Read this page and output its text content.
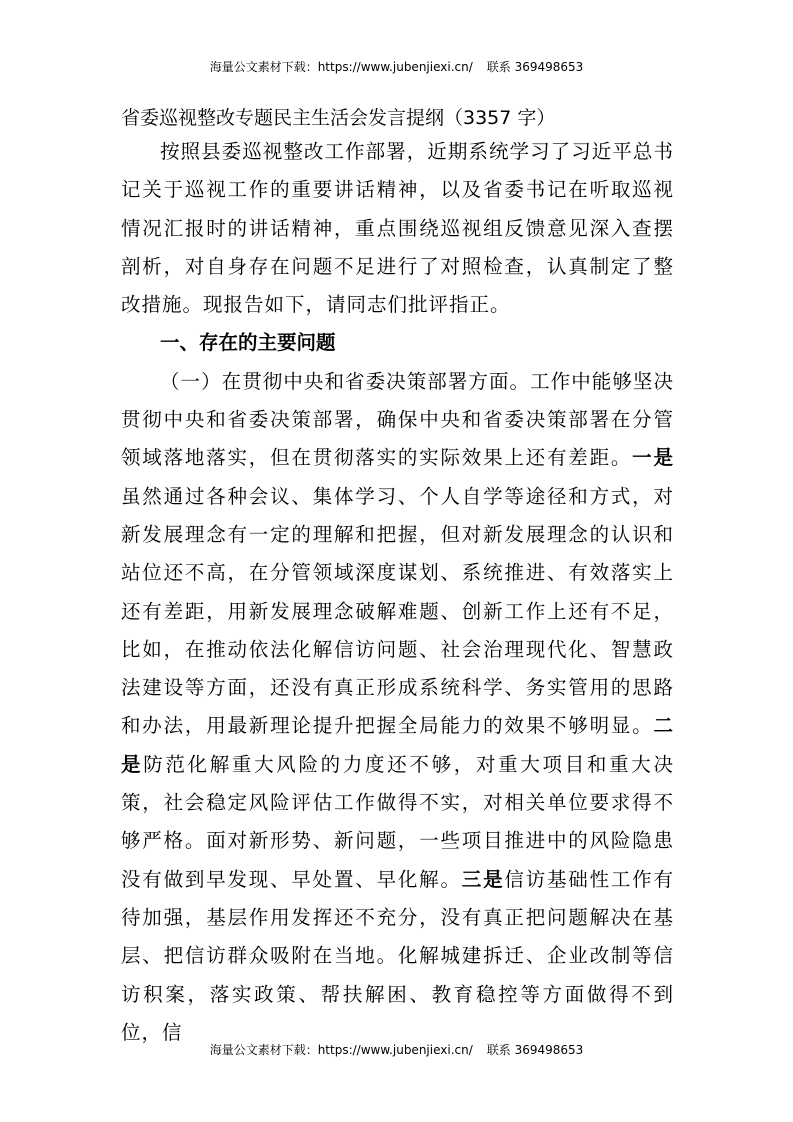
海量公文素材下载：https://www.jubenjiexi.cn/ 联系 369498653
省委巡视整改专题民主生活会发言提纲（3357 字）

按照县委巡视整改工作部署，近期系统学习了习近平总书记关于巡视工作的重要讲话精神，以及省委书记在听取巡视情况汇报时的讲话精神，重点围绕巡视组反馈意见深入查摆剖析，对自身存在问题不足进行了对照检查，认真制定了整改措施。现报告如下，请同志们批评指正。

一、存在的主要问题

（一）在贯彻中央和省委决策部署方面。工作中能够坚决贯彻中央和省委决策部署，确保中央和省委决策部署在分管领域落地落实，但在贯彻落实的实际效果上还有差距。一是虽然通过各种会议、集体学习、个人自学等途径和方式，对新发展理念有一定的理解和把握，但对新发展理念的认识和站位还不高，在分管领域深度谋划、系统推进、有效落实上还有差距，用新发展理念破解难题、创新工作上还有不足，比如，在推动依法化解信访问题、社会治理现代化、智慧政法建设等方面，还没有真正形成系统科学、务实管用的思路和办法，用最新理论提升把握全局能力的效果不够明显。二是防范化解重大风险的力度还不够，对重大项目和重大决策，社会稳定风险评估工作做得不实，对相关单位要求得不够严格。面对新形势、新问题，一些项目推进中的风险隐患没有做到早发现、早处置、早化解。三是信访基础性工作有待加强，基层作用发挥还不充分，没有真正把问题解决在基层、把信访群众吸附在当地。化解城建拆迁、企业改制等信访积案，落实政策、帮扶解困、教育稳控等方面做得不到位，信

海量公文素材下载：https://www.jubenjiexi.cn/ 联系 369498653
